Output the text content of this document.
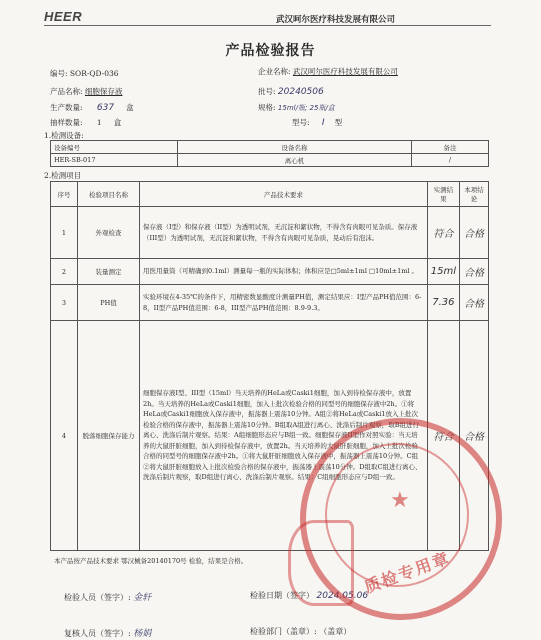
HEER	武汉呵尔医疗科技发展有限公司
产品检验报告
编号: SOR-QD-036	企业名称: 武汉呵尔医疗科技发展有限公司
产品名称: 细胞保存液	批号: 20240506
生产数量: 637 盒	规格: 15ml/瓶; 25瓶/盒
抽样数量: 1 盒	型号: I 型
1.检测设备:
设备编号	设备名称	备注
HER-SB-017	离心机	/
2.检测项目
序号	检验项目名称	产品技术要求	实测结果	本项结论
1	外观检查	保存液（I型）和保存液（II型）为透明试剂，无沉淀和絮状物，不得含有肉眼可见杂质。保存液（III型）为透明试剂，无沉淀和絮状物，不得含有肉眼可见杂质，晃动后有泡沫。	符合	合格
2	装量测定	用医用量筒（可精确到0.1ml）测量每一瓶的实际体积；体积应是□5ml±1ml □10ml±1ml 。	15ml	合格
3	PH值	实验环境在4-35℃的条件下，用精密数显酸度计测量PH值，测定结果应：I型产品PH值范围：6-8，II型产品PH值范围：6-8，III型产品PH值范围：8.9-9.3。	7.36	合格
4	脱落细胞保存能力	细胞保存液I型、III型（15ml）当天培养的HeLa或Caski1细胞，加入到待检保存液中，放置2h。当天培养的HeLa或Caski1细胞，加入上批次检验合格的同型号的细胞保存液中2h。①将HeLa或Caski1细胞放入保存液中，振荡器上震荡10分钟。A组②将HeLa或Caski1放入上批次检验合格的保存液中，振荡器上震荡10分钟。B组取A组进行离心、洗涤后制片观察，取B组进行离心、洗涤后制片观察。结果：A组细胞形态应与B组一致。细胞保存液II型作对照实验：当天培养的大鼠肝脏细胞，加入到待检保存液中，放置2h。当天培养的大鼠肝脏细胞，加入上批次检验合格的同型号的细胞保存液中2h。①将大鼠肝脏细胞放入保存液中，振荡器上震荡10分钟。C组②将大鼠肝脏细胞放入上批次检验合格的保存液中，振荡器上震荡10分钟。D组取C组进行离心、洗涤后制片观察，取D组进行离心、洗涤后制片观察。结果：C组细胞形态应与D组一致。	符合	合格
本产品按产品技术要求 鄂汉械备20140170号 检验，结果是合格。
检验人员（签字）: 金轩	检验日期（签字） 2024.05.06
复核人员（签字）: 杨娟	检验部门（盖章）: （盖章）
★
质检专用章
